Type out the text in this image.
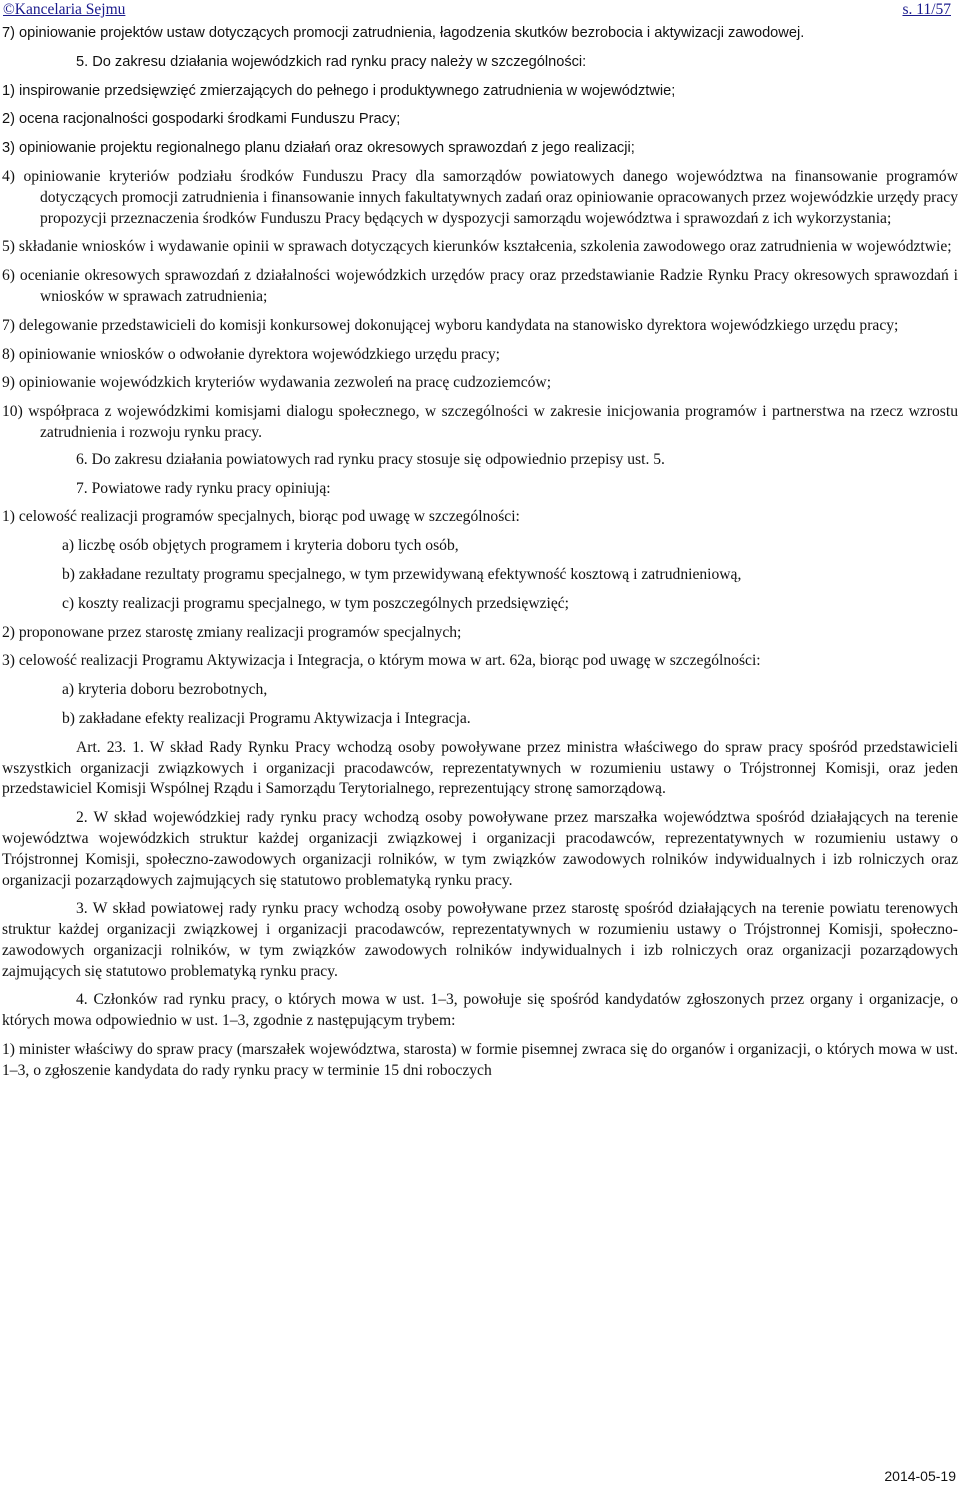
©Kancelaria Sejmu	s. 11/57

7) opiniowanie projektów ustaw dotyczących promocji zatrudnienia, łagodzenia skutków bezrobocia i aktywizacji zawodowej.

5. Do zakresu działania wojewódzkich rad rynku pracy należy w szczególności:

1) inspirowanie przedsięwzięć zmierzających do pełnego i produktywnego zatrudnienia w województwie;

2) ocena racjonalności gospodarki środkami Funduszu Pracy;

3) opiniowanie projektu regionalnego planu działań oraz okresowych sprawozdań z jego realizacji;

4) opiniowanie kryteriów podziału środków Funduszu Pracy dla samorządów powiatowych danego województwa na finansowanie programów dotyczących promocji zatrudnienia i finansowanie innych fakultatywnych zadań oraz opiniowanie opracowanych przez wojewódzkie urzędy pracy propozycji przeznaczenia środków Funduszu Pracy będących w dyspozycji samorządu województwa i sprawozdań z ich wykorzystania;

5) składanie wniosków i wydawanie opinii w sprawach dotyczących kierunków kształcenia, szkolenia zawodowego oraz zatrudnienia w województwie;

6) ocenianie okresowych sprawozdań z działalności wojewódzkich urzędów pracy oraz przedstawianie Radzie Rynku Pracy okresowych sprawozdań i wniosków w sprawach zatrudnienia;

7) delegowanie przedstawicieli do komisji konkursowej dokonującej wyboru kandydata na stanowisko dyrektora wojewódzkiego urzędu pracy;

8) opiniowanie wniosków o odwołanie dyrektora wojewódzkiego urzędu pracy;

9) opiniowanie wojewódzkich kryteriów wydawania zezwoleń na pracę cudzoziemców;

10) współpraca z wojewódzkimi komisjami dialogu społecznego, w szczególności w zakresie inicjowania programów i partnerstwa na rzecz wzrostu zatrudnienia i rozwoju rynku pracy.

6. Do zakresu działania powiatowych rad rynku pracy stosuje się odpowiednio przepisy ust. 5.

7. Powiatowe rady rynku pracy opiniują:

1) celowość realizacji programów specjalnych, biorąc pod uwagę w szczególności:

a) liczbę osób objętych programem i kryteria doboru tych osób,

b) zakładane rezultaty programu specjalnego, w tym przewidywaną efektywność kosztową i zatrudnieniową,

c) koszty realizacji programu specjalnego, w tym poszczególnych przedsięwzięć;

2) proponowane przez starostę zmiany realizacji programów specjalnych;

3) celowość realizacji Programu Aktywizacja i Integracja, o którym mowa w art. 62a, biorąc pod uwagę w szczególności:

a) kryteria doboru bezrobotnych,

b) zakładane efekty realizacji Programu Aktywizacja i Integracja.

Art. 23. 1. W skład Rady Rynku Pracy wchodzą osoby powoływane przez ministra właściwego do spraw pracy spośród przedstawicieli wszystkich organizacji związkowych i organizacji pracodawców, reprezentatywnych w rozumieniu ustawy o Trójstronnej Komisji, oraz jeden przedstawiciel Komisji Wspólnej Rządu i Samorządu Terytorialnego, reprezentujący stronę samorządową.

2. W skład wojewódzkiej rady rynku pracy wchodzą osoby powoływane przez marszałka województwa spośród działających na terenie województwa wojewódzkich struktur każdej organizacji związkowej i organizacji pracodawców, reprezentatywnych w rozumieniu ustawy o Trójstronnej Komisji, społeczno-zawodowych organizacji rolników, w tym związków zawodowych rolników indywidualnych i izb rolniczych oraz organizacji pozarządowych zajmujących się statutowo problematyką rynku pracy.

3. W skład powiatowej rady rynku pracy wchodzą osoby powoływane przez starostę spośród działających na terenie powiatu terenowych struktur każdej organizacji związkowej i organizacji pracodawców, reprezentatywnych w rozumieniu ustawy o Trójstronnej Komisji, społeczno-zawodowych organizacji rolników, w tym związków zawodowych rolników indywidualnych i izb rolniczych oraz organizacji pozarządowych zajmujących się statutowo problematyką rynku pracy.

4. Członków rad rynku pracy, o których mowa w ust. 1–3, powołuje się spośród kandydatów zgłoszonych przez organy i organizacje, o których mowa odpowiednio w ust. 1–3, zgodnie z następującym trybem:

1) minister właściwy do spraw pracy (marszałek województwa, starosta) w formie pisemnej zwraca się do organów i organizacji, o których mowa w ust. 1–3, o zgłoszenie kandydata do rady rynku pracy w terminie 15 dni roboczych

2014-05-19
